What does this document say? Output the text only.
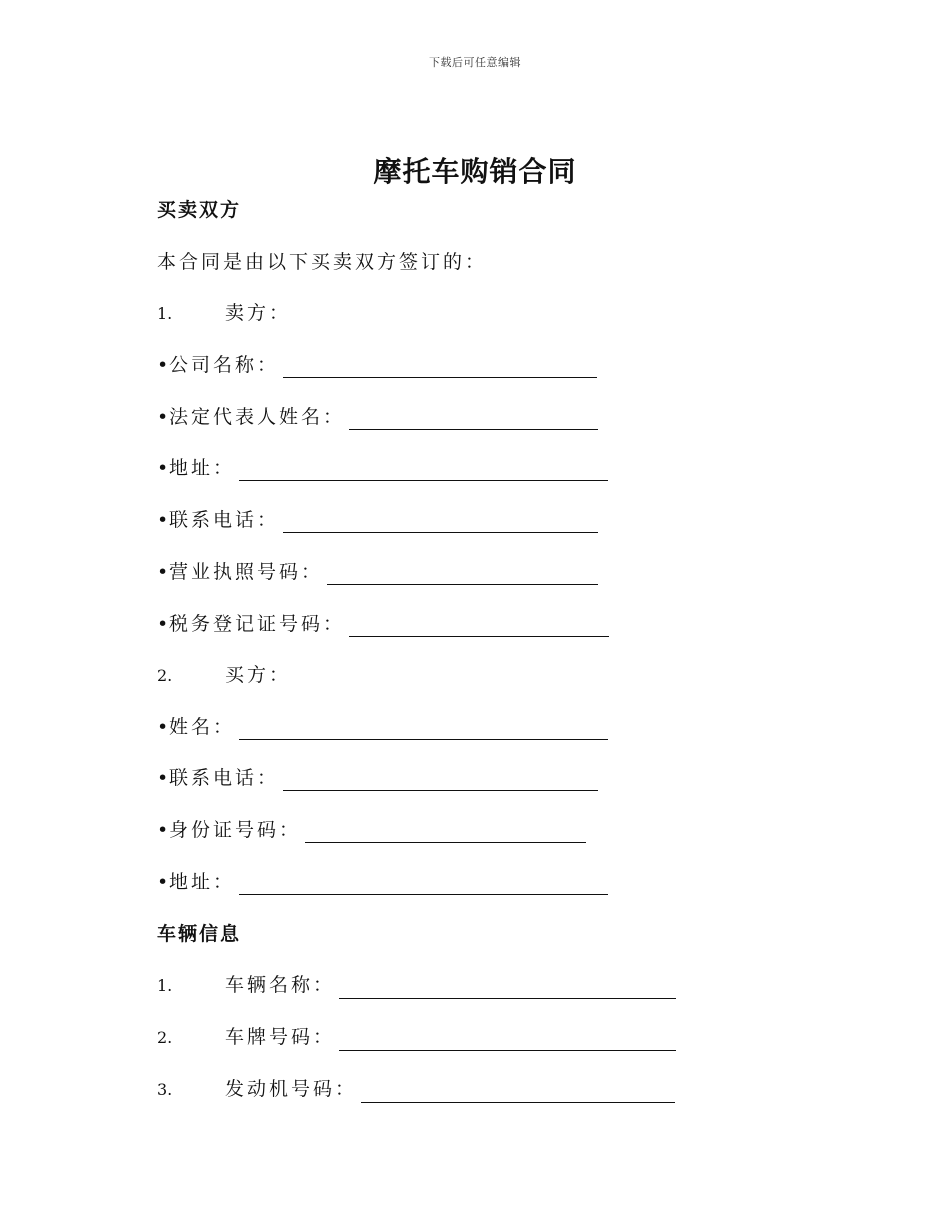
下载后可任意编辑
摩托车购销合同
买卖双方
本合同是由以下买卖双方签订的：
1.	卖方：
•公司名称：
•法定代表人姓名：
•地址：
•联系电话：
•营业执照号码：
•税务登记证号码：
2.	买方：
•姓名：
•联系电话：
•身份证号码：
•地址：
车辆信息
1.	车辆名称：
2.	车牌号码：
3.	发动机号码：
